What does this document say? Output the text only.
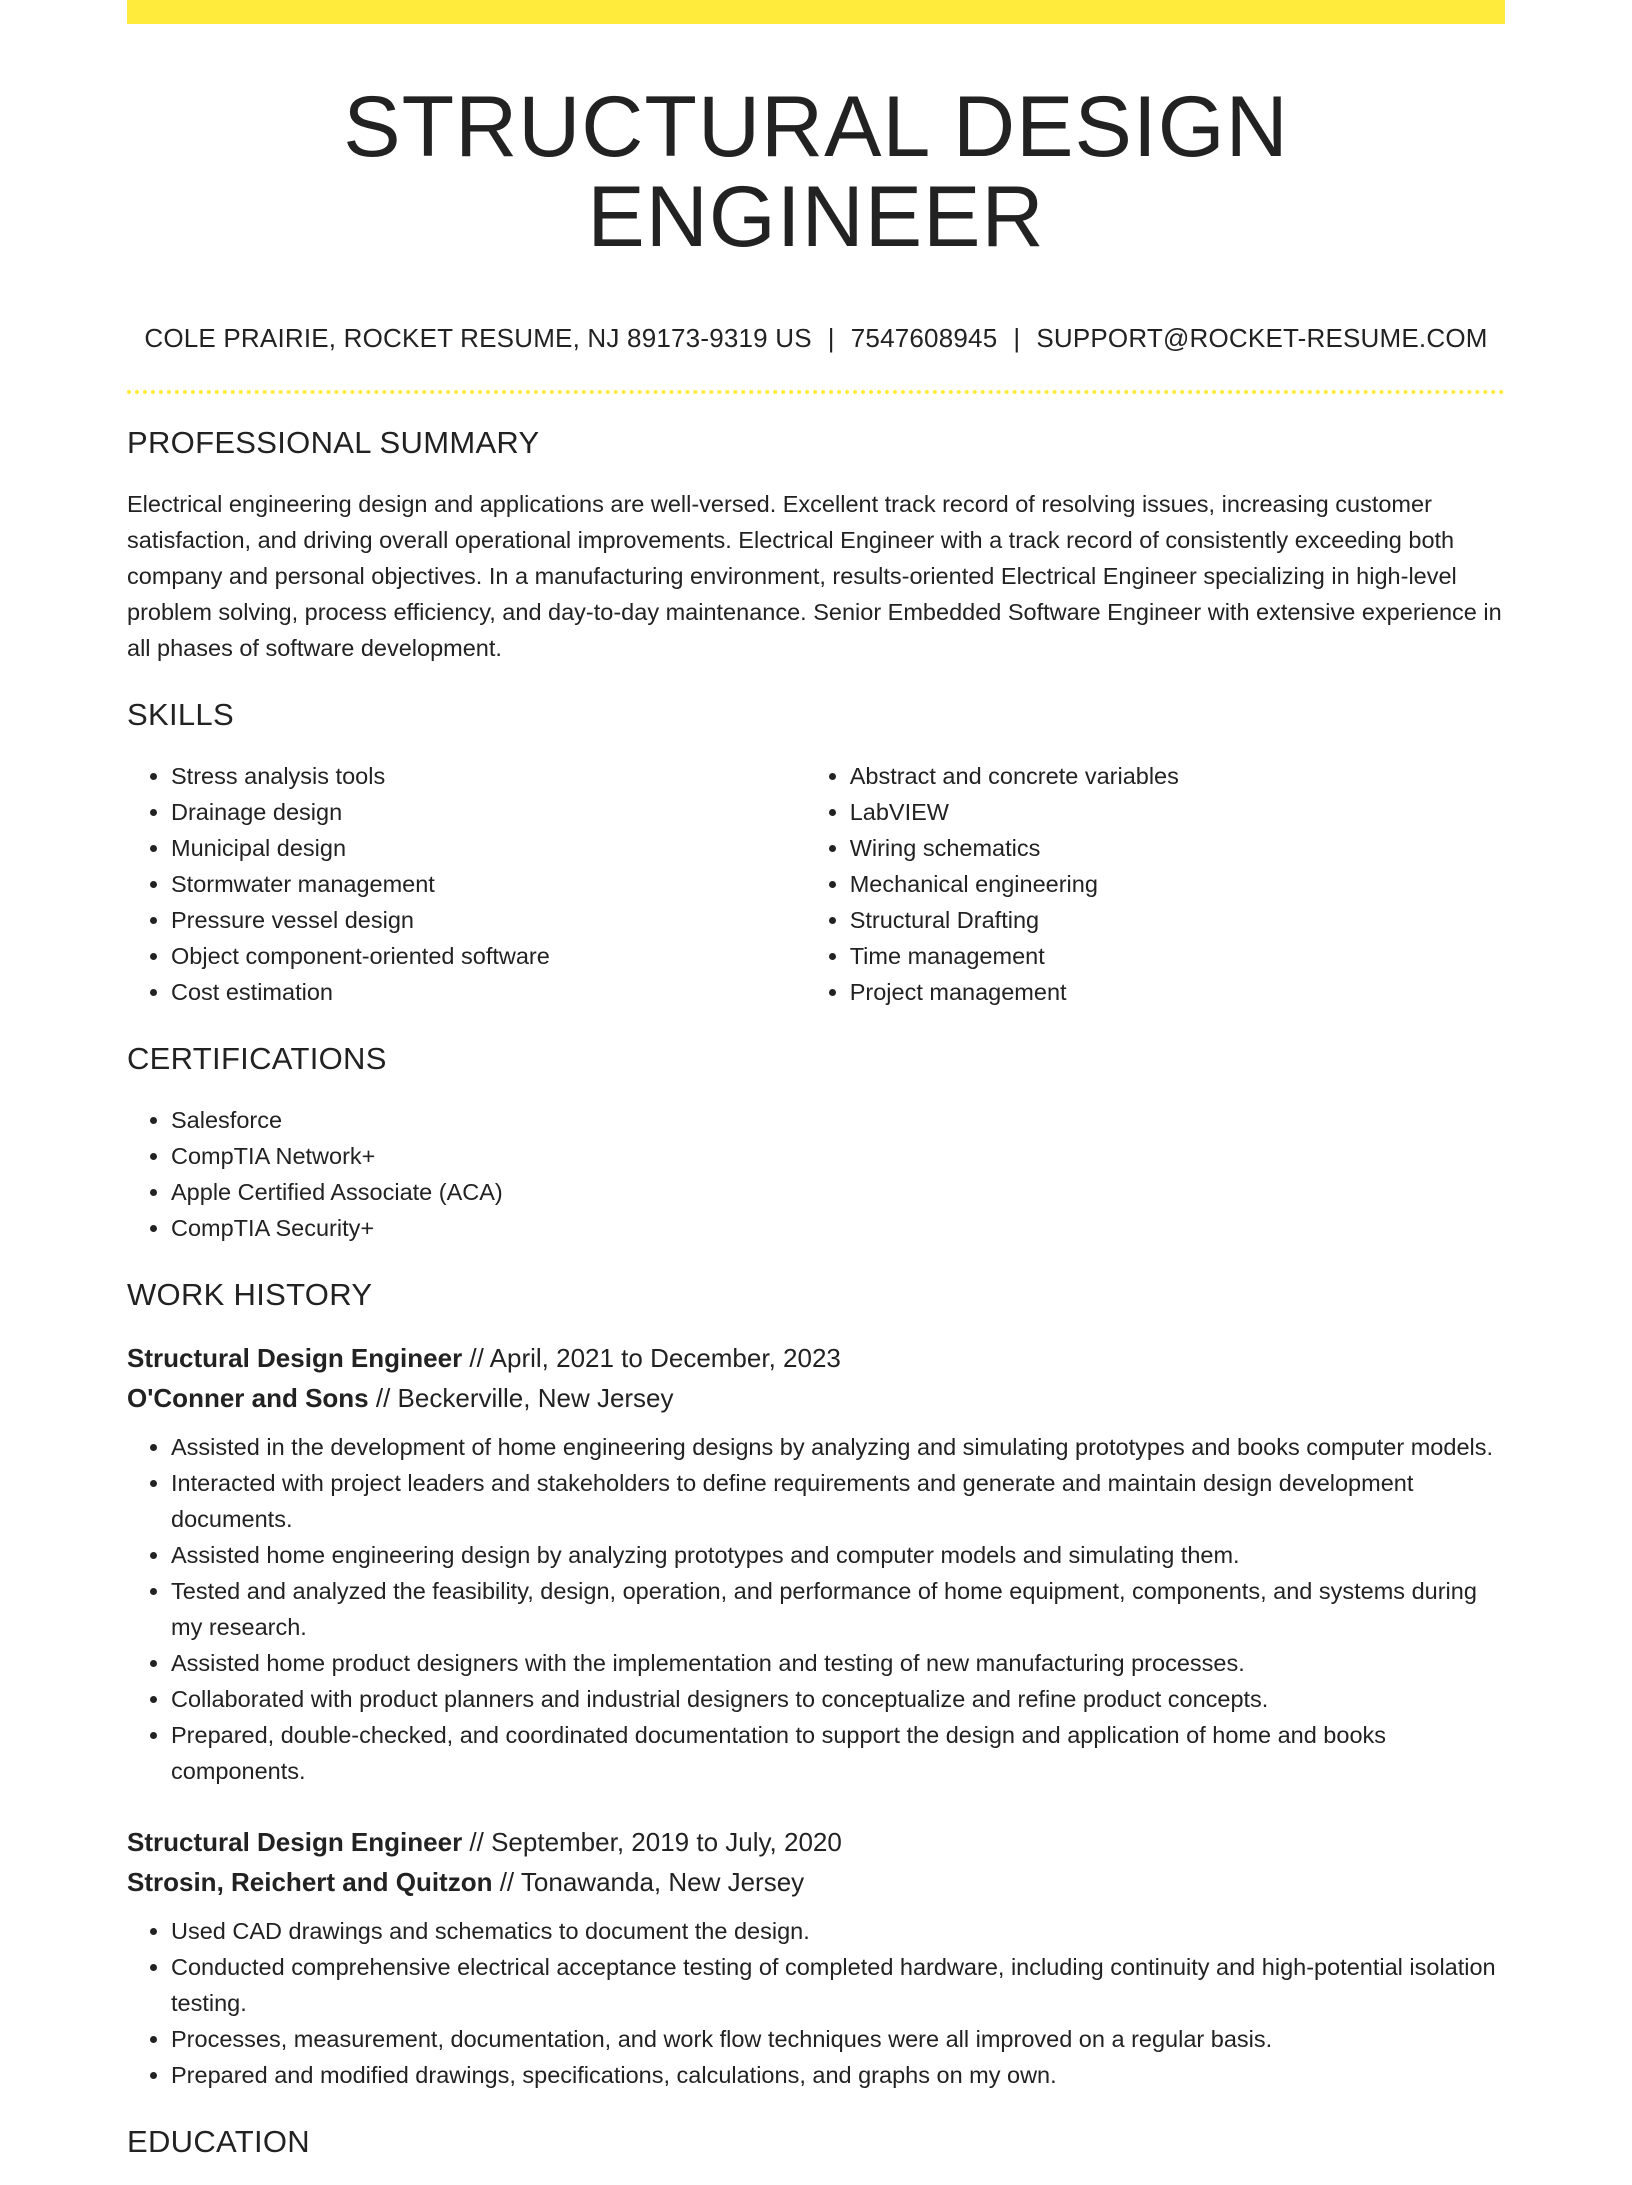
STRUCTURAL DESIGN ENGINEER
COLE PRAIRIE, ROCKET RESUME, NJ 89173-9319 US | 7547608945 | SUPPORT@ROCKET-RESUME.COM
PROFESSIONAL SUMMARY

Electrical engineering design and applications are well-versed. Excellent track record of resolving issues, increasing customer satisfaction, and driving overall operational improvements. Electrical Engineer with a track record of consistently exceeding both company and personal objectives. In a manufacturing environment, results-oriented Electrical Engineer specializing in high-level problem solving, process efficiency, and day-to-day maintenance. Senior Embedded Software Engineer with extensive experience in all phases of software development.

SKILLS
• Stress analysis tools
• Drainage design
• Municipal design
• Stormwater management
• Pressure vessel design
• Object component-oriented software
• Cost estimation
• Abstract and concrete variables
• LabVIEW
• Wiring schematics
• Mechanical engineering
• Structural Drafting
• Time management
• Project management
CERTIFICATIONS
• Salesforce
• CompTIA Network+
• Apple Certified Associate (ACA)
• CompTIA Security+
WORK HISTORY
Structural Design Engineer // April, 2021 to December, 2023
O'Conner and Sons // Beckerville, New Jersey
• Assisted in the development of home engineering designs by analyzing and simulating prototypes and books computer models.
• Interacted with project leaders and stakeholders to define requirements and generate and maintain design development documents.
• Assisted home engineering design by analyzing prototypes and computer models and simulating them.
• Tested and analyzed the feasibility, design, operation, and performance of home equipment, components, and systems during my research.
• Assisted home product designers with the implementation and testing of new manufacturing processes.
• Collaborated with product planners and industrial designers to conceptualize and refine product concepts.
• Prepared, double-checked, and coordinated documentation to support the design and application of home and books components.
Structural Design Engineer // September, 2019 to July, 2020
Strosin, Reichert and Quitzon // Tonawanda, New Jersey
• Used CAD drawings and schematics to document the design.
• Conducted comprehensive electrical acceptance testing of completed hardware, including continuity and high-potential isolation testing.
• Processes, measurement, documentation, and work flow techniques were all improved on a regular basis.
• Prepared and modified drawings, specifications, calculations, and graphs on my own.
EDUCATION
